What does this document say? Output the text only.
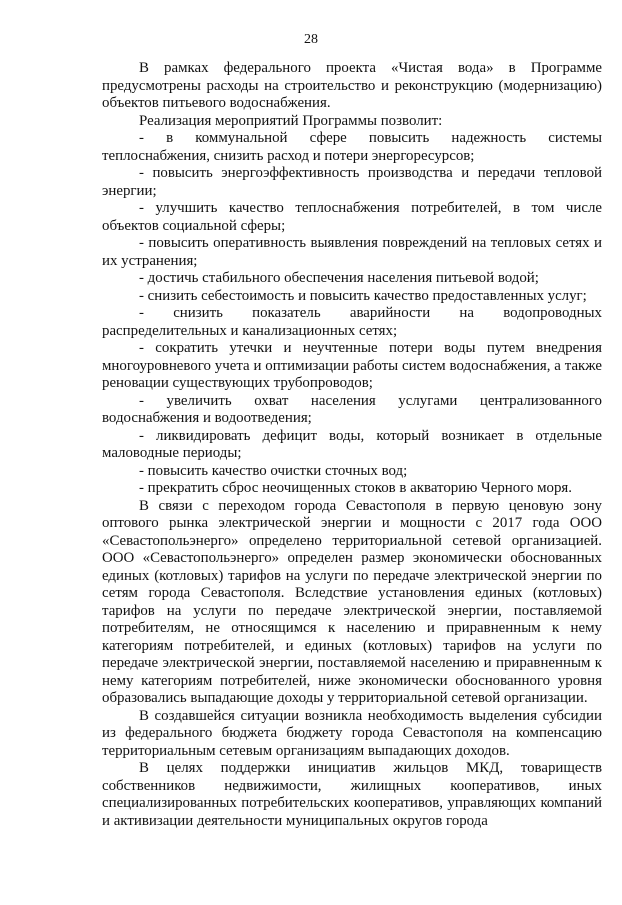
28

В рамках федерального проекта «Чистая вода» в Программе предусмотрены расходы на строительство и реконструкцию (модернизацию) объектов питьевого водоснабжения.

Реализация мероприятий Программы позволит:

- в коммунальной сфере повысить надежность системы теплоснабжения, снизить расход и потери энергоресурсов;

- повысить энергоэффективность производства и передачи тепловой энергии;

- улучшить качество теплоснабжения потребителей, в том числе объектов социальной сферы;

- повысить оперативность выявления повреждений на тепловых сетях и их устранения;

- достичь стабильного обеспечения населения питьевой водой;

- снизить себестоимость и повысить качество предоставленных услуг;

- снизить показатель аварийности на водопроводных распределительных и канализационных сетях;

- сократить утечки и неучтенные потери воды путем внедрения многоуровневого учета и оптимизации работы систем водоснабжения, а также реновации существующих трубопроводов;

- увеличить охват населения услугами централизованного водоснабжения и водоотведения;

- ликвидировать дефицит воды, который возникает в отдельные маловодные периоды;

- повысить качество очистки сточных вод;

- прекратить сброс неочищенных стоков в акваторию Черного моря.

В связи с переходом города Севастополя в первую ценовую зону оптового рынка электрической энергии и мощности с 2017 года ООО «Севастопольэнерго» определено территориальной сетевой организацией. ООО «Севастопольэнерго» определен размер экономически обоснованных единых (котловых) тарифов на услуги по передаче электрической энергии по сетям города Севастополя. Вследствие установления единых (котловых) тарифов на услуги по передаче электрической энергии, поставляемой потребителям, не относящимся к населению и приравненным к нему категориям потребителей, и единых (котловых) тарифов на услуги по передаче электрической энергии, поставляемой населению и приравненным к нему категориям потребителей, ниже экономически обоснованного уровня образовались выпадающие доходы у территориальной сетевой организации.

В создавшейся ситуации возникла необходимость выделения субсидии из федерального бюджета бюджету города Севастополя на компенсацию территориальным сетевым организациям выпадающих доходов.

В целях поддержки инициатив жильцов МКД, товариществ собственников недвижимости, жилищных кооперативов, иных специализированных потребительских кооперативов, управляющих компаний и активизации деятельности муниципальных округов города
